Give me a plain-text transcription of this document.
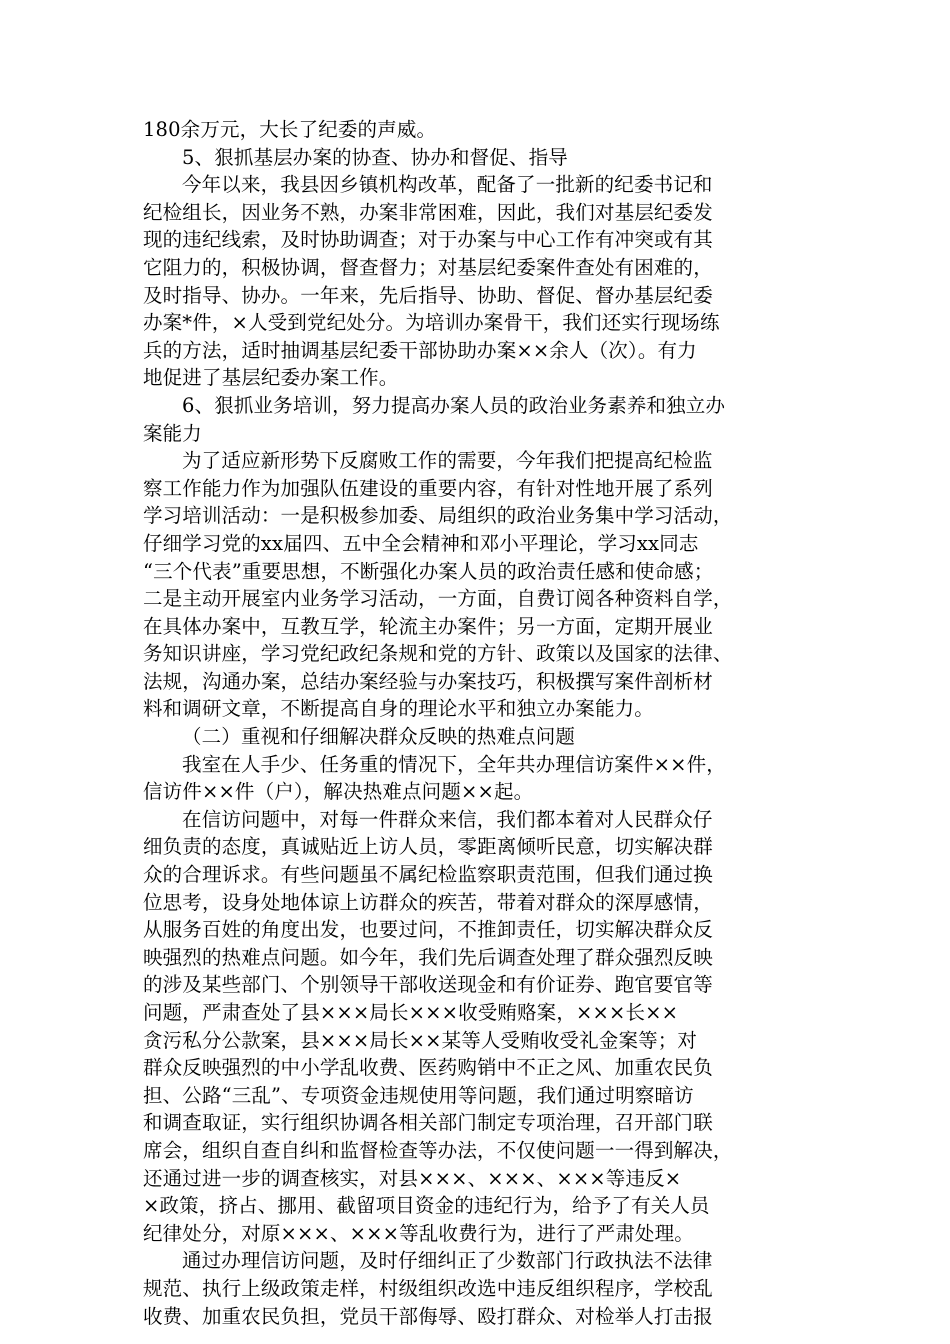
180余万元，大长了纪委的声威。
5、狠抓基层办案的协查、协办和督促、指导
今年以来，我县因乡镇机构改革，配备了一批新的纪委书记和
纪检组长，因业务不熟，办案非常困难，因此，我们对基层纪委发
现的违纪线索，及时协助调查；对于办案与中心工作有冲突或有其
它阻力的，积极协调，督查督力；对基层纪委案件查处有困难的，
及时指导、协办。一年来，先后指导、协助、督促、督办基层纪委
办案*件，×人受到党纪处分。为培训办案骨干，我们还实行现场练
兵的方法，适时抽调基层纪委干部协助办案××余人（次）。有力
地促进了基层纪委办案工作。
6、狠抓业务培训，努力提高办案人员的政治业务素养和独立办
案能力
为了适应新形势下反腐败工作的需要，今年我们把提高纪检监
察工作能力作为加强队伍建设的重要内容，有针对性地开展了系列
学习培训活动：一是积极参加委、局组织的政治业务集中学习活动，
仔细学习党的xx届四、五中全会精神和邓小平理论，学习xx同志
“三个代表”重要思想，不断强化办案人员的政治责任感和使命感；
二是主动开展室内业务学习活动，一方面，自费订阅各种资料自学，
在具体办案中，互教互学，轮流主办案件；另一方面，定期开展业
务知识讲座，学习党纪政纪条规和党的方针、政策以及国家的法律、
法规，沟通办案，总结办案经验与办案技巧，积极撰写案件剖析材
料和调研文章，不断提高自身的理论水平和独立办案能力。
（二）重视和仔细解决群众反映的热难点问题
我室在人手少、任务重的情况下，全年共办理信访案件××件，
信访件××件（户），解决热难点问题××起。
在信访问题中，对每一件群众来信，我们都本着对人民群众仔
细负责的态度，真诚贴近上访人员，零距离倾听民意，切实解决群
众的合理诉求。有些问题虽不属纪检监察职责范围，但我们通过换
位思考，设身处地体谅上访群众的疾苦，带着对群众的深厚感情，
从服务百姓的角度出发，也要过问，不推卸责任，切实解决群众反
映强烈的热难点问题。如今年，我们先后调查处理了群众强烈反映
的涉及某些部门、个别领导干部收送现金和有价证券、跑官要官等
问题，严肃查处了县×××局长×××收受贿赂案，×××长××
贪污私分公款案，县×××局长××某等人受贿收受礼金案等；对
群众反映强烈的中小学乱收费、医药购销中不正之风、加重农民负
担、公路“三乱”、专项资金违规使用等问题，我们通过明察暗访
和调查取证，实行组织协调各相关部门制定专项治理，召开部门联
席会，组织自查自纠和监督检查等办法，不仅使问题一一得到解决，
还通过进一步的调查核实，对县×××、×××、×××等违反×
×政策，挤占、挪用、截留项目资金的违纪行为，给予了有关人员
纪律处分，对原×××、×××等乱收费行为，进行了严肃处理。
通过办理信访问题，及时仔细纠正了少数部门行政执法不法律
规范、执行上级政策走样，村级组织改选中违反组织程序，学校乱
收费、加重农民负担，党员干部侮辱、殴打群众、对检举人打击报
